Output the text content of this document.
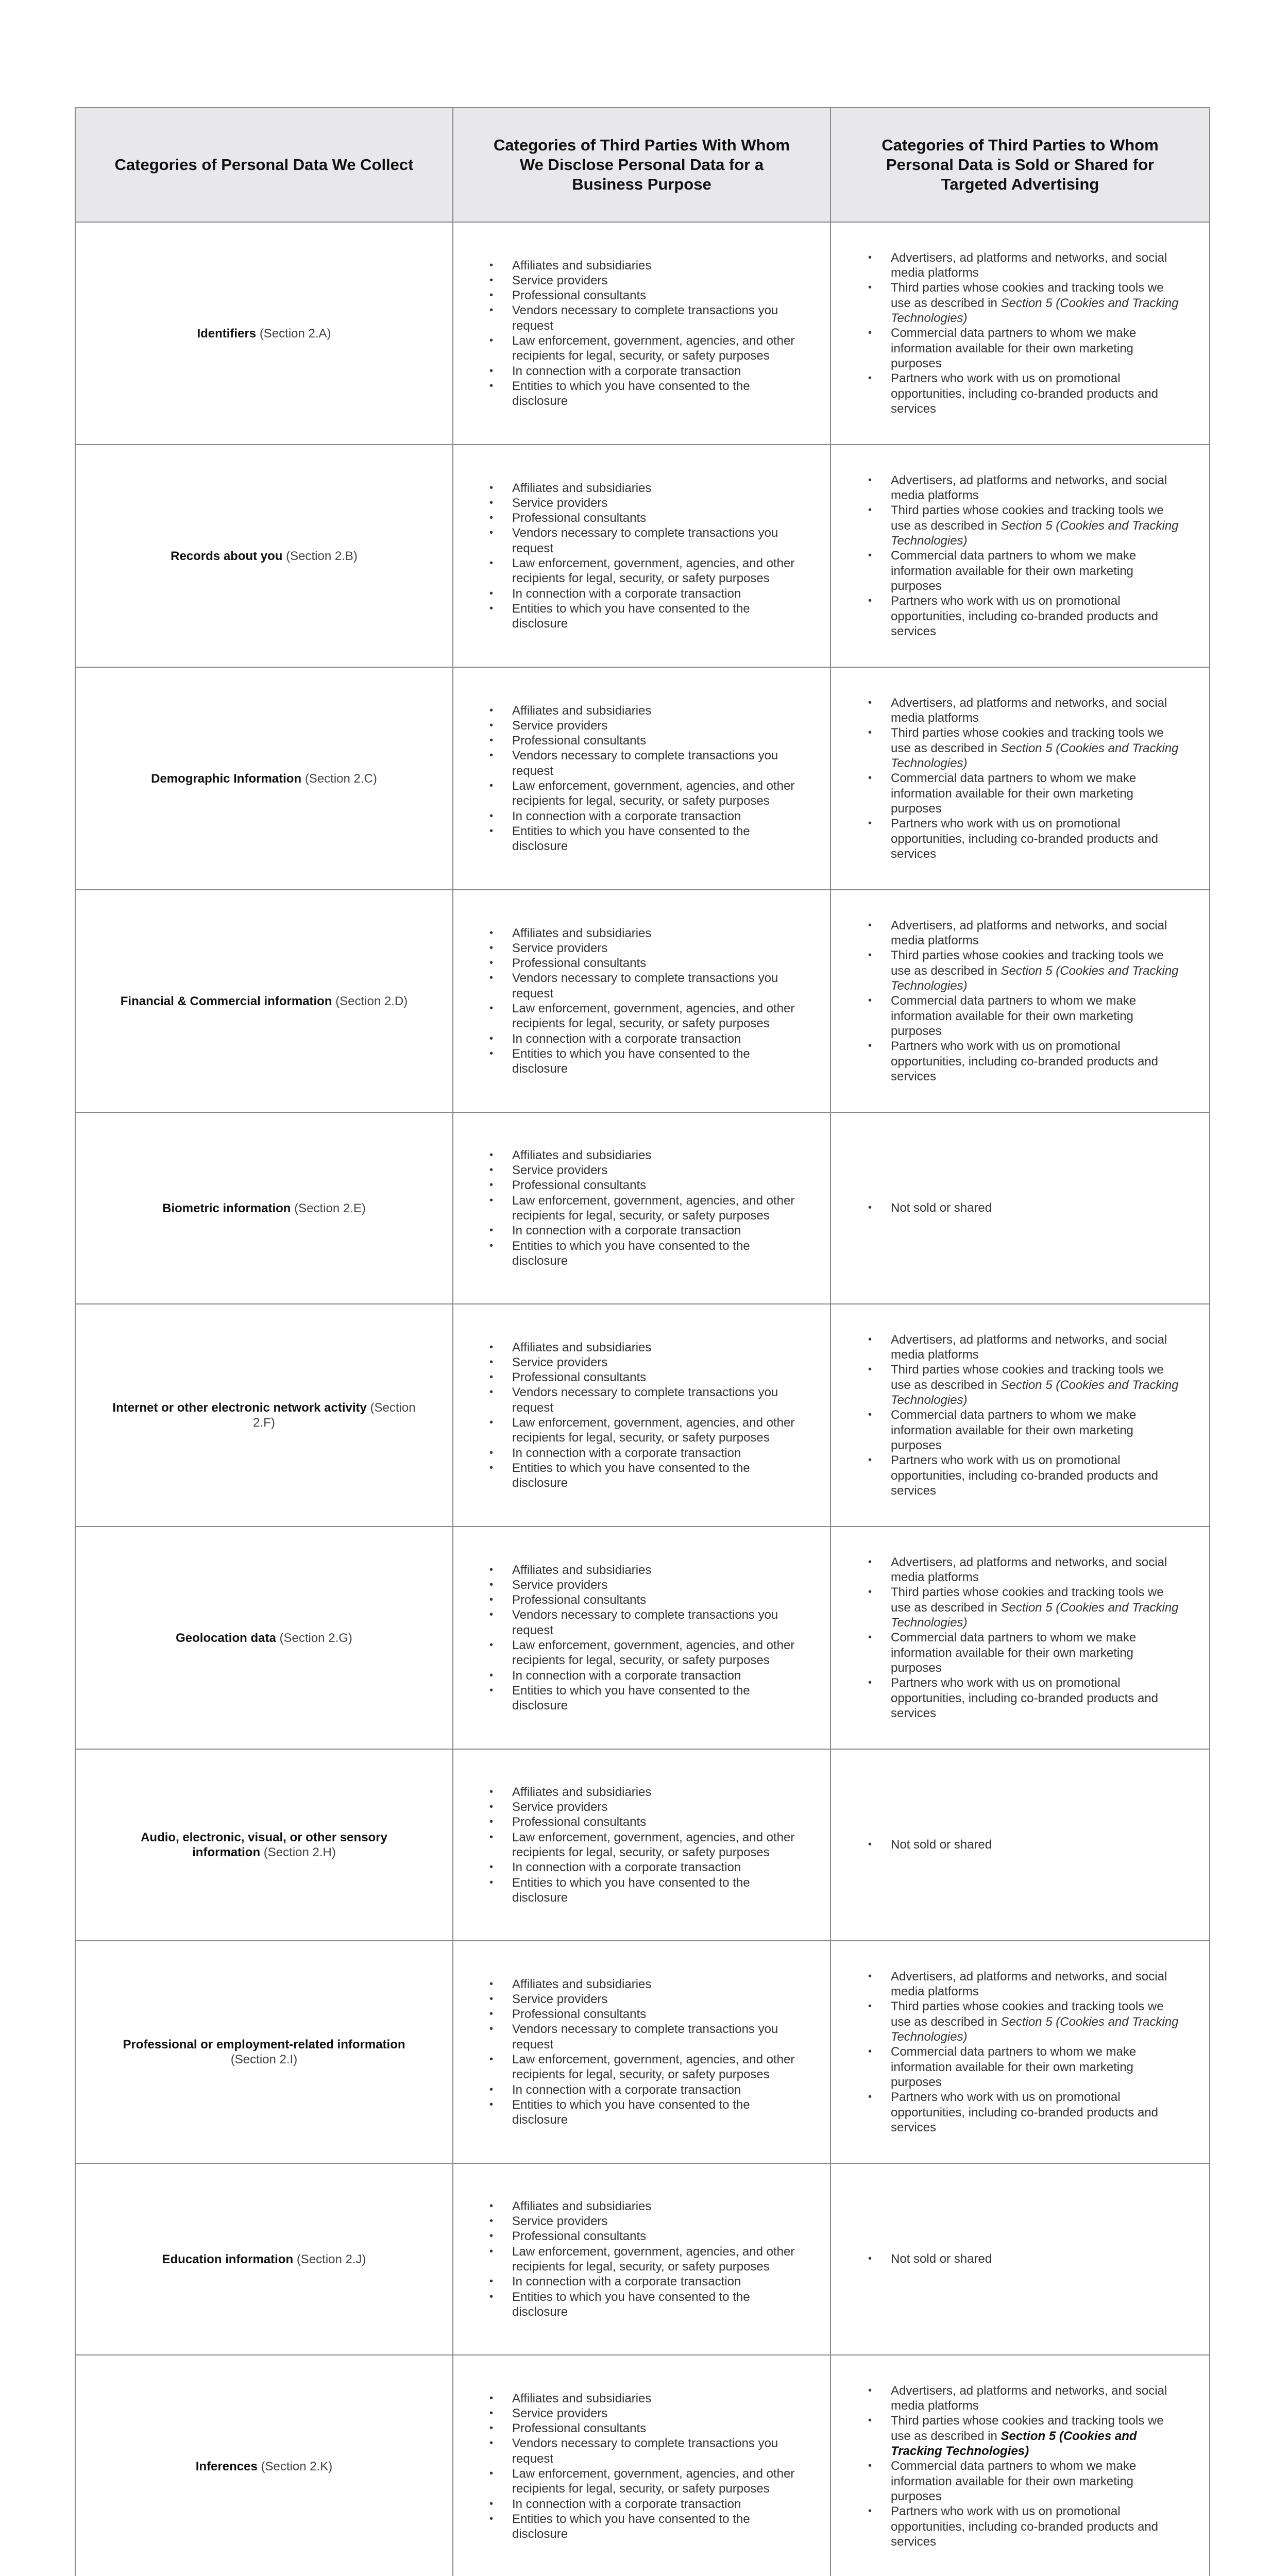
Categories of Personal Data We Collect
Categories of Third Parties With Whom We Disclose Personal Data for a Business Purpose
Categories of Third Parties to Whom Personal Data is Sold or Shared for Targeted Advertising
Identifiers (Section 2.A)
• Affiliates and subsidiaries
• Service providers
• Professional consultants
• Vendors necessary to complete transactions you request
• Law enforcement, government, agencies, and other recipients for legal, security, or safety purposes
• In connection with a corporate transaction
• Entities to which you have consented to the disclosure
• Advertisers, ad platforms and networks, and social media platforms
• Third parties whose cookies and tracking tools we use as described in Section 5 (Cookies and Tracking Technologies)
• Commercial data partners to whom we make information available for their own marketing purposes
• Partners who work with us on promotional opportunities, including co-branded products and services
Records about you (Section 2.B)
• Affiliates and subsidiaries
• Service providers
• Professional consultants
• Vendors necessary to complete transactions you request
• Law enforcement, government, agencies, and other recipients for legal, security, or safety purposes
• In connection with a corporate transaction
• Entities to which you have consented to the disclosure
• Advertisers, ad platforms and networks, and social media platforms
• Third parties whose cookies and tracking tools we use as described in Section 5 (Cookies and Tracking Technologies)
• Commercial data partners to whom we make information available for their own marketing purposes
• Partners who work with us on promotional opportunities, including co-branded products and services
Demographic Information (Section 2.C)
• Affiliates and subsidiaries
• Service providers
• Professional consultants
• Vendors necessary to complete transactions you request
• Law enforcement, government, agencies, and other recipients for legal, security, or safety purposes
• In connection with a corporate transaction
• Entities to which you have consented to the disclosure
• Advertisers, ad platforms and networks, and social media platforms
• Third parties whose cookies and tracking tools we use as described in Section 5 (Cookies and Tracking Technologies)
• Commercial data partners to whom we make information available for their own marketing purposes
• Partners who work with us on promotional opportunities, including co-branded products and services
Financial & Commercial information (Section 2.D)
• Affiliates and subsidiaries
• Service providers
• Professional consultants
• Vendors necessary to complete transactions you request
• Law enforcement, government, agencies, and other recipients for legal, security, or safety purposes
• In connection with a corporate transaction
• Entities to which you have consented to the disclosure
• Advertisers, ad platforms and networks, and social media platforms
• Third parties whose cookies and tracking tools we use as described in Section 5 (Cookies and Tracking Technologies)
• Commercial data partners to whom we make information available for their own marketing purposes
• Partners who work with us on promotional opportunities, including co-branded products and services
Biometric information (Section 2.E)
• Affiliates and subsidiaries
• Service providers
• Professional consultants
• Law enforcement, government, agencies, and other recipients for legal, security, or safety purposes
• In connection with a corporate transaction
• Entities to which you have consented to the disclosure
• Not sold or shared
Internet or other electronic network activity (Section 2.F)
• Affiliates and subsidiaries
• Service providers
• Professional consultants
• Vendors necessary to complete transactions you request
• Law enforcement, government, agencies, and other recipients for legal, security, or safety purposes
• In connection with a corporate transaction
• Entities to which you have consented to the disclosure
• Advertisers, ad platforms and networks, and social media platforms
• Third parties whose cookies and tracking tools we use as described in Section 5 (Cookies and Tracking Technologies)
• Commercial data partners to whom we make information available for their own marketing purposes
• Partners who work with us on promotional opportunities, including co-branded products and services
Geolocation data (Section 2.G)
• Affiliates and subsidiaries
• Service providers
• Professional consultants
• Vendors necessary to complete transactions you request
• Law enforcement, government, agencies, and other recipients for legal, security, or safety purposes
• In connection with a corporate transaction
• Entities to which you have consented to the disclosure
• Advertisers, ad platforms and networks, and social media platforms
• Third parties whose cookies and tracking tools we use as described in Section 5 (Cookies and Tracking Technologies)
• Commercial data partners to whom we make information available for their own marketing purposes
• Partners who work with us on promotional opportunities, including co-branded products and services
Audio, electronic, visual, or other sensory information (Section 2.H)
• Affiliates and subsidiaries
• Service providers
• Professional consultants
• Law enforcement, government, agencies, and other recipients for legal, security, or safety purposes
• In connection with a corporate transaction
• Entities to which you have consented to the disclosure
• Not sold or shared
Professional or employment-related information (Section 2.I)
• Affiliates and subsidiaries
• Service providers
• Professional consultants
• Vendors necessary to complete transactions you request
• Law enforcement, government, agencies, and other recipients for legal, security, or safety purposes
• In connection with a corporate transaction
• Entities to which you have consented to the disclosure
• Advertisers, ad platforms and networks, and social media platforms
• Third parties whose cookies and tracking tools we use as described in Section 5 (Cookies and Tracking Technologies)
• Commercial data partners to whom we make information available for their own marketing purposes
• Partners who work with us on promotional opportunities, including co-branded products and services
Education information (Section 2.J)
• Affiliates and subsidiaries
• Service providers
• Professional consultants
• Law enforcement, government, agencies, and other recipients for legal, security, or safety purposes
• In connection with a corporate transaction
• Entities to which you have consented to the disclosure
• Not sold or shared
Inferences (Section 2.K)
• Affiliates and subsidiaries
• Service providers
• Professional consultants
• Vendors necessary to complete transactions you request
• Law enforcement, government, agencies, and other recipients for legal, security, or safety purposes
• In connection with a corporate transaction
• Entities to which you have consented to the disclosure
• Advertisers, ad platforms and networks, and social media platforms
• Third parties whose cookies and tracking tools we use as described in Section 5 (Cookies and Tracking Technologies)
• Commercial data partners to whom we make information available for their own marketing purposes
• Partners who work with us on promotional opportunities, including co-branded products and services
